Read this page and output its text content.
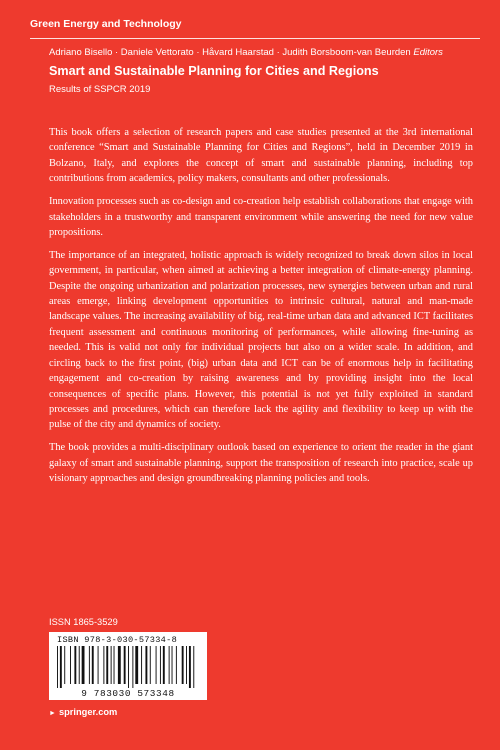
Green Energy and Technology
Adriano Bisello · Daniele Vettorato · Håvard Haarstad · Judith Borsboom-van Beurden Editors
Smart and Sustainable Planning for Cities and Regions
Results of SSPCR 2019

This book offers a selection of research papers and case studies presented at the 3rd international conference “Smart and Sustainable Planning for Cities and Regions”, held in December 2019 in Bolzano, Italy, and explores the concept of smart and sustainable planning, including top contributions from academics, policy makers, consultants and other professionals.

Innovation processes such as co-design and co-creation help establish collaborations that engage with stakeholders in a trustworthy and transparent environment while answering the need for new value propositions.

The importance of an integrated, holistic approach is widely recognized to break down silos in local government, in particular, when aimed at achieving a better integration of climate-energy planning. Despite the ongoing urbanization and polarization processes, new synergies between urban and rural areas emerge, linking development opportunities to intrinsic cultural, natural and man-made landscape values. The increasing availability of big, real-time urban data and advanced ICT facilitates frequent assessment and continuous monitoring of performances, while allowing fine-tuning as needed. This is valid not only for individual projects but also on a wider scale. In addition, and circling back to the first point, (big) urban data and ICT can be of enormous help in facilitating engagement and co-creation by raising awareness and by providing insight into the local consequences of specific plans. However, this potential is not yet fully exploited in standard processes and procedures, which can therefore lack the agility and flexibility to keep up with the pulse of the city and dynamics of society.

The book provides a multi-disciplinary outlook based on experience to orient the reader in the giant galaxy of smart and sustainable planning, support the transposition of research into practice, scale up visionary approaches and design groundbreaking planning policies and tools.

ISSN 1865-3529
ISBN 978-3-030-57334-8
9 783030 573348
► springer.com
